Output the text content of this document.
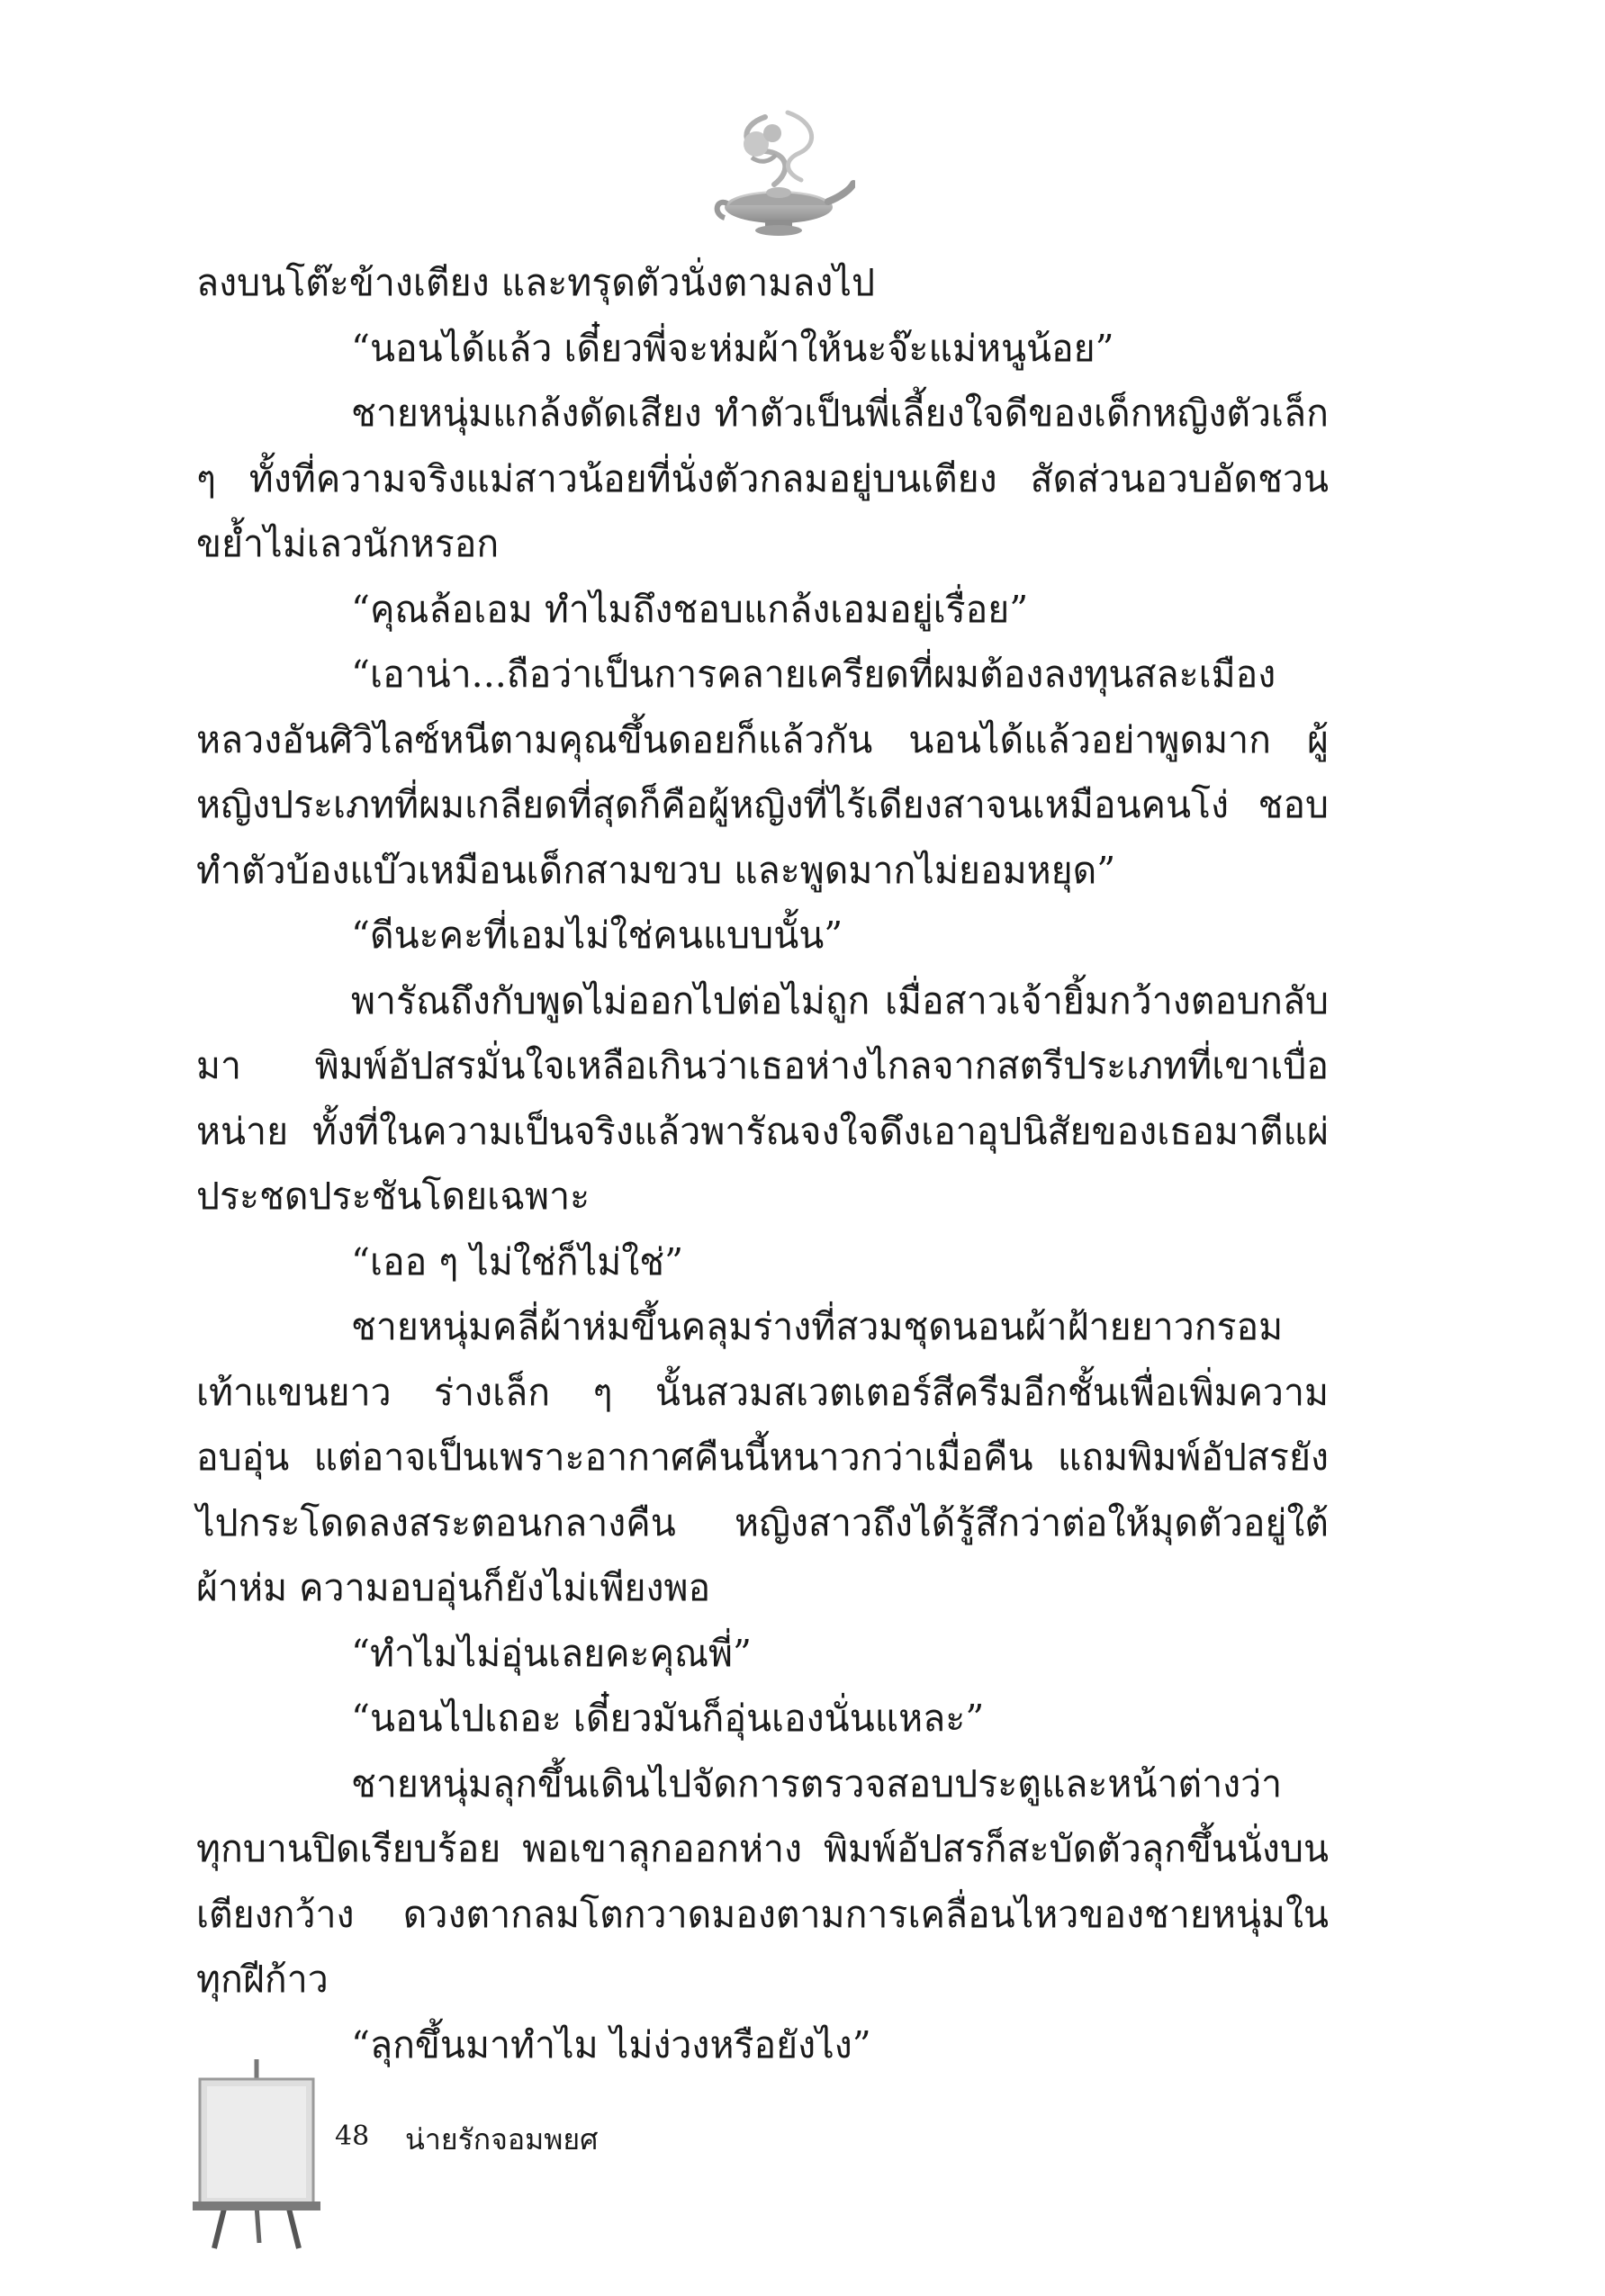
ลงบนโต๊ะข้างเตียง และทรุดตัวนั่งตามลงไป

“นอนได้แล้ว เดี๋ยวพี่จะห่มผ้าให้นะจ๊ะแม่หนูน้อย”

ชายหนุ่มแกล้งดัดเสียง ทำตัวเป็นพี่เลี้ยงใจดีของเด็กหญิงตัวเล็ก ๆ ทั้งที่ความจริงแม่สาวน้อยที่นั่งตัวกลมอยู่บนเตียง สัดส่วนอวบอัดชวนขย้ำไม่เลวนักหรอก

“คุณล้อเอม ทำไมถึงชอบแกล้งเอมอยู่เรื่อย”

“เอาน่า...ถือว่าเป็นการคลายเครียดที่ผมต้องลงทุนสละเมืองหลวงอันศิวิไลซ์หนีตามคุณขึ้นดอยก็แล้วกัน นอนได้แล้วอย่าพูดมาก ผู้หญิงประเภทที่ผมเกลียดที่สุดก็คือผู้หญิงที่ไร้เดียงสาจนเหมือนคนโง่ ชอบทำตัวบ้องแบ๊วเหมือนเด็กสามขวบ และพูดมากไม่ยอมหยุด”

“ดีนะคะที่เอมไม่ใช่คนแบบนั้น”

พารัณถึงกับพูดไม่ออกไปต่อไม่ถูก เมื่อสาวเจ้ายิ้มกว้างตอบกลับมา พิมพ์อัปสรมั่นใจเหลือเกินว่าเธอห่างไกลจากสตรีประเภทที่เขาเบื่อหน่าย ทั้งที่ในความเป็นจริงแล้วพารัณจงใจดึงเอาอุปนิสัยของเธอมาตีแผ่ประชดประชันโดยเฉพาะ

“เออ ๆ ไม่ใช่ก็ไม่ใช่”

ชายหนุ่มคลี่ผ้าห่มขึ้นคลุมร่างที่สวมชุดนอนผ้าฝ้ายยาวกรอมเท้าแขนยาว ร่างเล็ก ๆ นั้นสวมสเวตเตอร์สีครีมอีกชั้นเพื่อเพิ่มความอบอุ่น แต่อาจเป็นเพราะอากาศคืนนี้หนาวกว่าเมื่อคืน แถมพิมพ์อัปสรยังไปกระโดดลงสระตอนกลางคืน หญิงสาวถึงได้รู้สึกว่าต่อให้มุดตัวอยู่ใต้ผ้าห่ม ความอบอุ่นก็ยังไม่เพียงพอ

“ทำไมไม่อุ่นเลยคะคุณพี่”

“นอนไปเถอะ เดี๋ยวมันก็อุ่นเองนั่นแหละ”

ชายหนุ่มลุกขึ้นเดินไปจัดการตรวจสอบประตูและหน้าต่างว่าทุกบานปิดเรียบร้อย พอเขาลุกออกห่าง พิมพ์อัปสรก็สะบัดตัวลุกขึ้นนั่งบนเตียงกว้าง ดวงตากลมโตกวาดมองตามการเคลื่อนไหวของชายหนุ่มในทุกฝีก้าว

“ลุกขึ้นมาทำไม ไม่ง่วงหรือยังไง”

48 น่ายรักจอมพยศ
